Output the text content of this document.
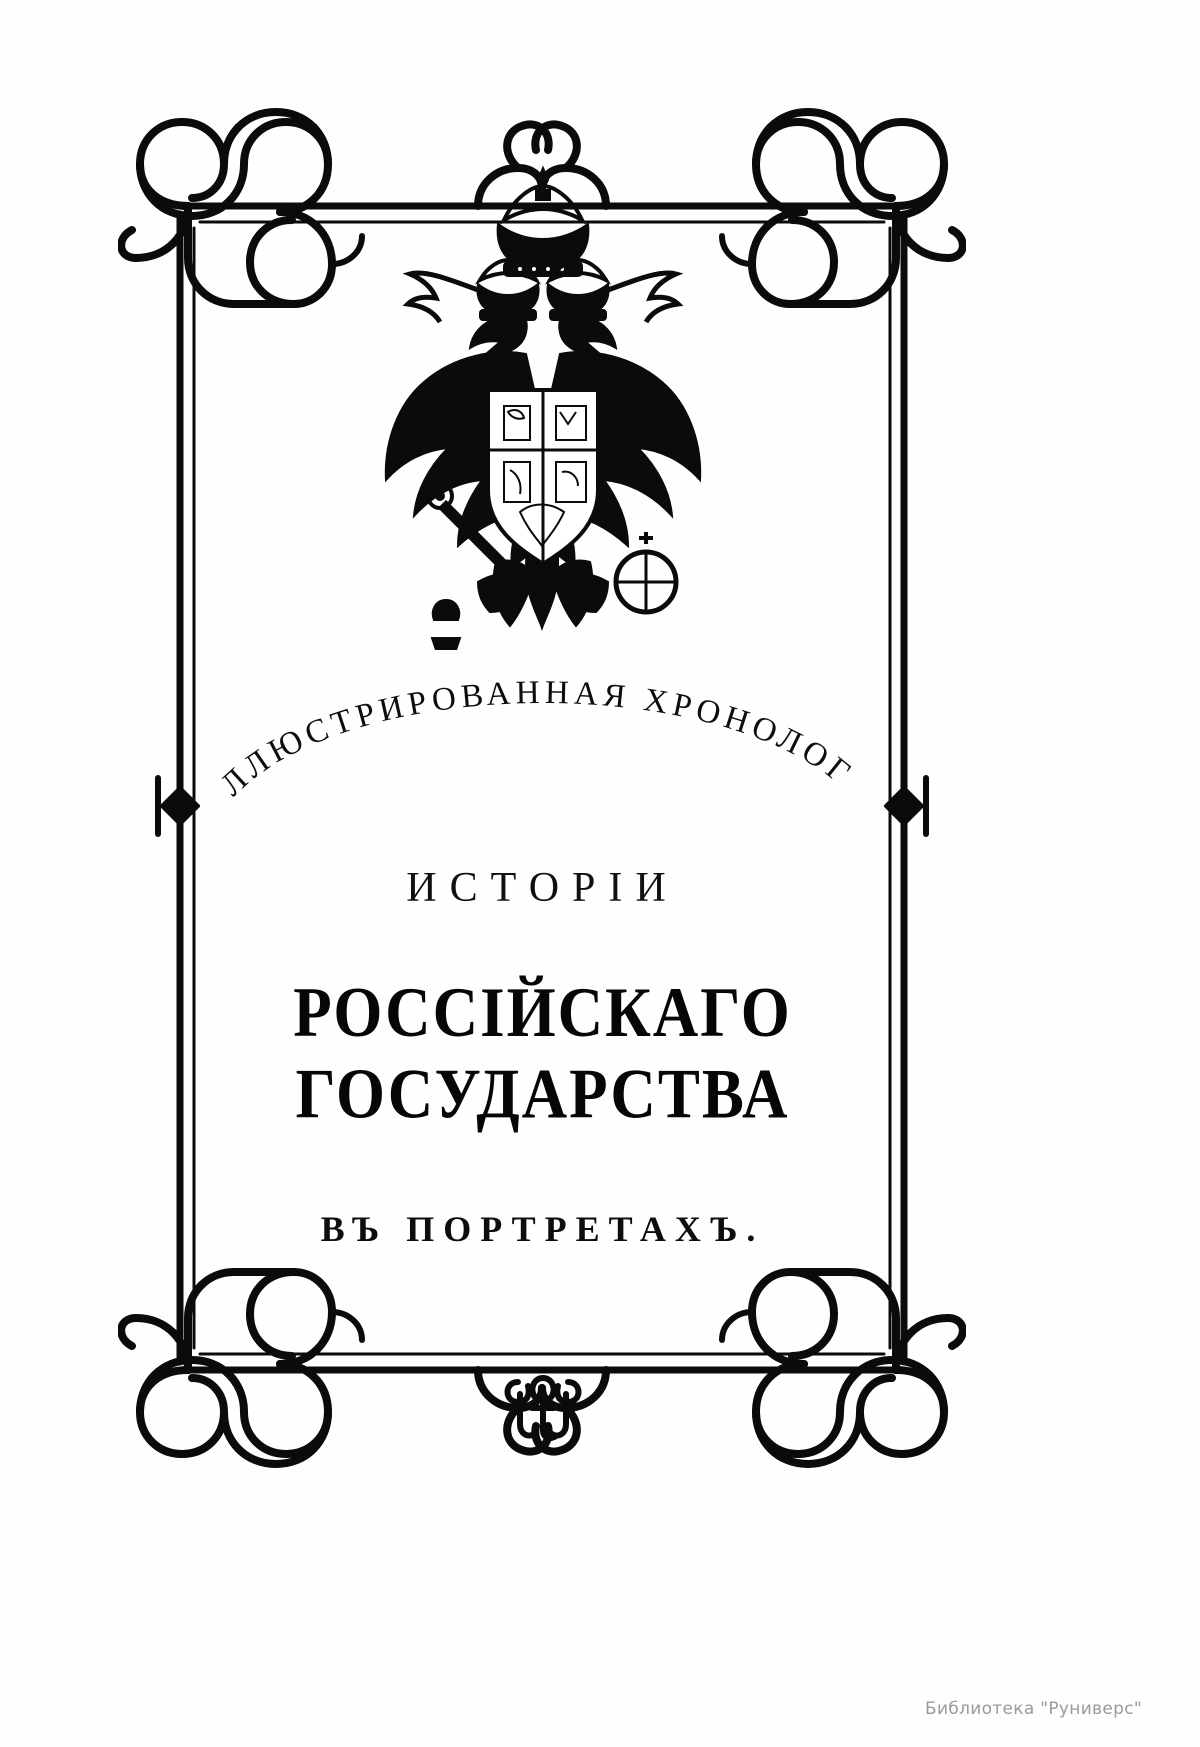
ИЛЛЮСТРИРОВАННАЯ ХРОНОЛОГІЯ
ИСТОРІИ
РОССІЙСКАГО ГОСУДАРСТВА
ВЪ ПОРТРЕТАХЪ.
Библиотека "Руниверс"
